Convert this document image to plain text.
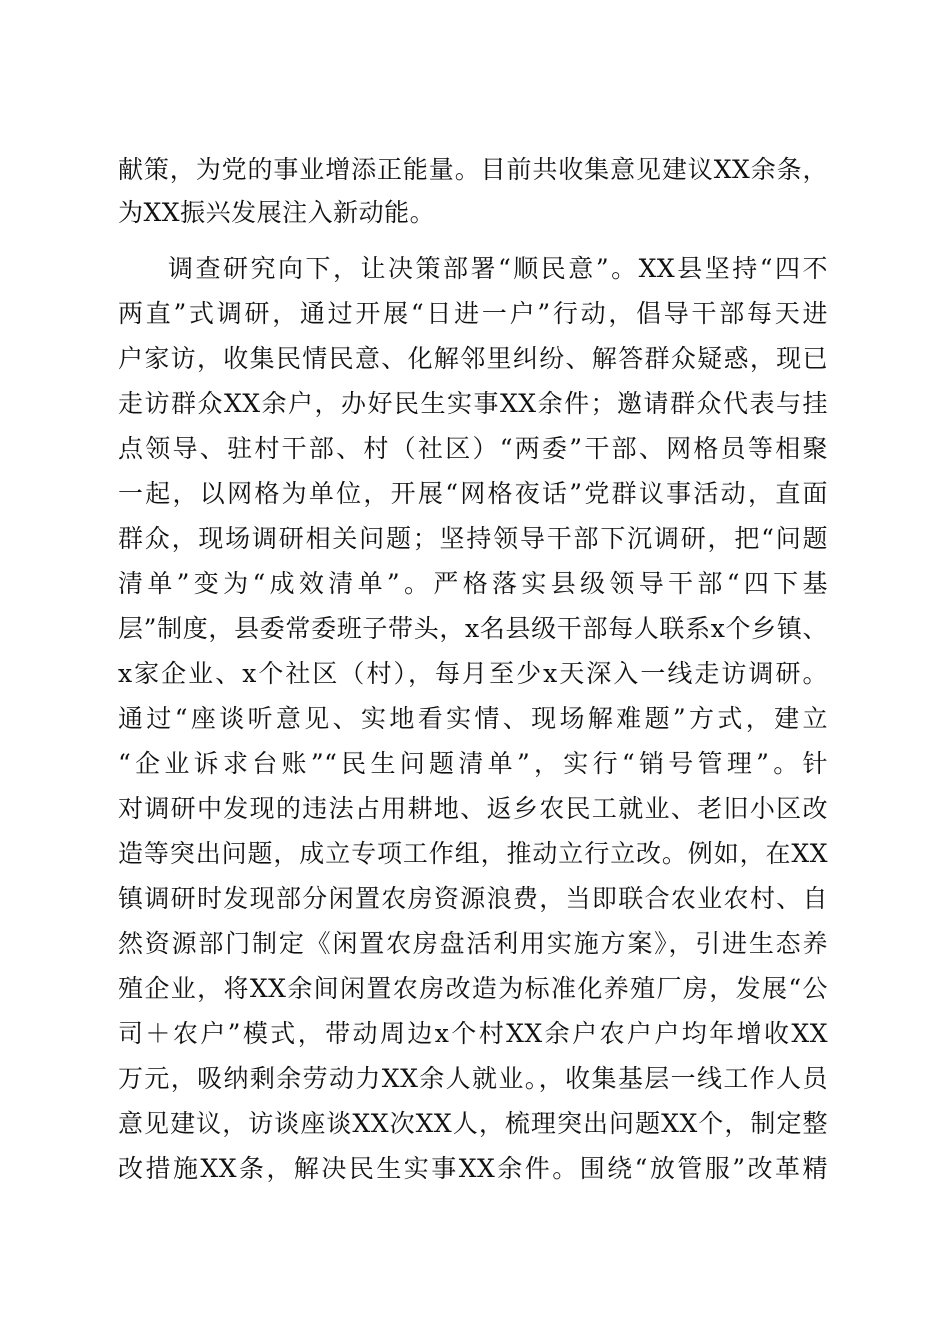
献策，为党的事业增添正能量。目前共收集意见建议XX余条，
为XX振兴发展注入新动能。
调查研究向下，让决策部署“顺民意”。XX县坚持“四不
两直”式调研，通过开展“日进一户”行动，倡导干部每天进
户家访，收集民情民意、化解邻里纠纷、解答群众疑惑，现已
走访群众XX余户，办好民生实事XX余件；邀请群众代表与挂
点领导、驻村干部、村（社区）“两委”干部、网格员等相聚
一起，以网格为单位，开展“网格夜话”党群议事活动，直面
群众，现场调研相关问题；坚持领导干部下沉调研，把“问题
清单”变为“成效清单”。严格落实县级领导干部“四下基
层”制度，县委常委班子带头，x名县级干部每人联系x个乡镇、
x家企业、x个社区（村），每月至少x天深入一线走访调研。
通过“座谈听意见、实地看实情、现场解难题”方式，建立
“企业诉求台账”“民生问题清单”，实行“销号管理”。针
对调研中发现的违法占用耕地、返乡农民工就业、老旧小区改
造等突出问题，成立专项工作组，推动立行立改。例如，在XX
镇调研时发现部分闲置农房资源浪费，当即联合农业农村、自
然资源部门制定《闲置农房盘活利用实施方案》，引进生态养
殖企业，将XX余间闲置农房改造为标准化养殖厂房，发展“公
司＋农户”模式，带动周边x个村XX余户农户户均年增收XX
万元，吸纳剩余劳动力XX余人就业。，收集基层一线工作人员
意见建议，访谈座谈XX次XX人，梳理突出问题XX个，制定整
改措施XX条，解决民生实事XX余件。围绕“放管服”改革精
